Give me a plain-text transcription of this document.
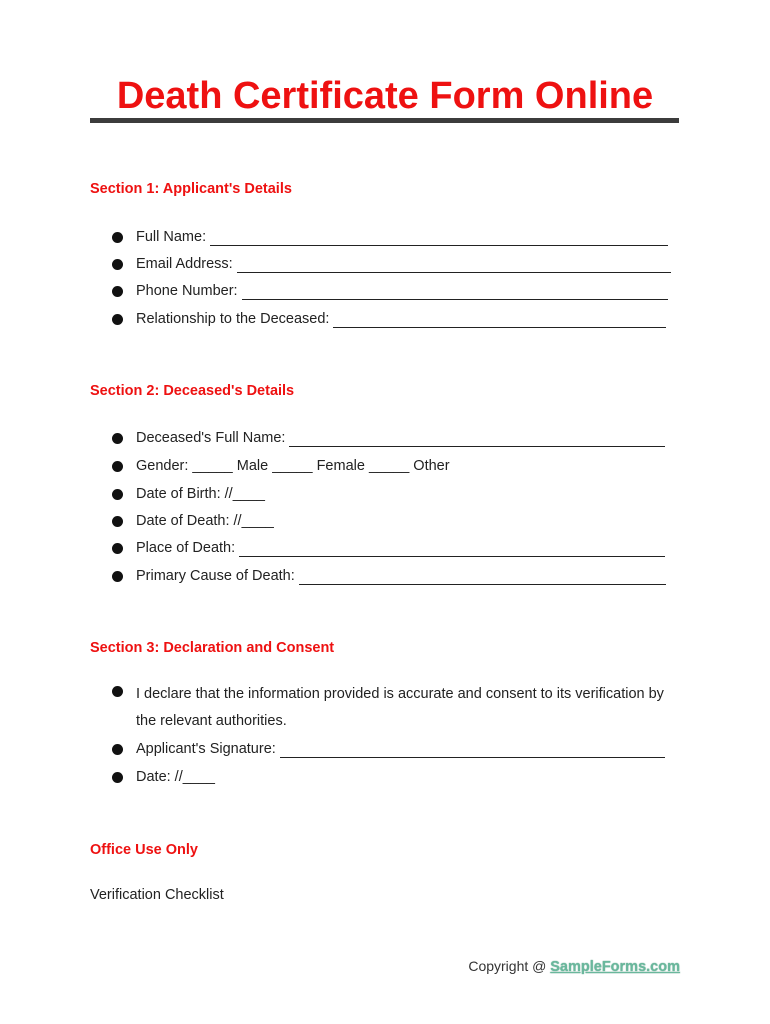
Death Certificate Form Online
Section 1: Applicant's Details
Full Name:
Email Address:
Phone Number:
Relationship to the Deceased:
Section 2: Deceased's Details
Deceased's Full Name:
Gender: _____ Male _____ Female _____ Other
Date of Birth: //____
Date of Death: //____
Place of Death:
Primary Cause of Death:
Section 3: Declaration and Consent
I declare that the information provided is accurate and consent to its verification by the relevant authorities.
Applicant's Signature:
Date: //____
Office Use Only

Verification Checklist

Copyright @ SampleForms.com
